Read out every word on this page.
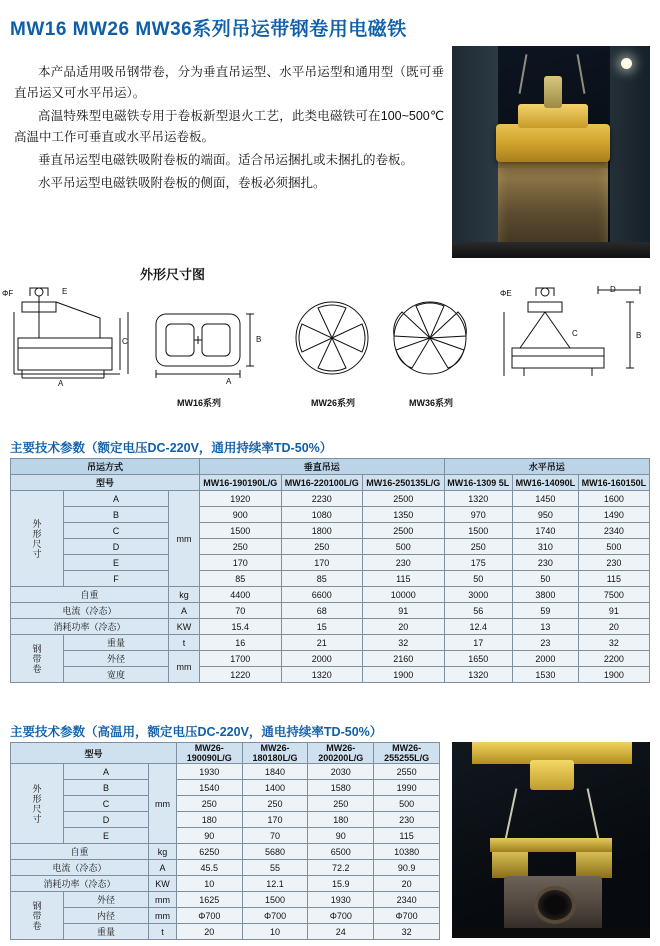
MW16 MW26 MW36系列吊运带钢卷用电磁铁

本产品适用吸吊钢带卷，分为垂直吊运型、水平吊运型和通用型（既可垂直吊运又可水平吊运）。

高温特殊型电磁铁专用于卷板新型退火工艺，此类电磁铁可在100~500℃高温中工作可垂直或水平吊运卷板。

垂直吊运型电磁铁吸附卷板的端面。适合吊运捆扎或未捆扎的卷板。

水平吊运型电磁铁吸附卷板的侧面，卷板必须捆扎。

外形尺寸图
ΦF	E
C
A	A
B
D
ΦE
B
C
MW16系列	MW26系列	MW36系列
主要技术参数（额定电压DC-220V，通用持续率TD-50%）
吊运方式			垂直吊运			水平吊运		
型号			MW16-190190L/G	MW16-220100L/G	MW16-250135L/G	MW16-1309 5L	MW16-14090L	MW16-160150L
外形尺寸	A	mm	1920	2230	2500	1320	1450	1600
	B		900	1080	1350	970	950	1490
	C		1500	1800	2500	1500	1740	2340
	D		250	250	500	250	310	500
	E		170	170	230	175	230	230
	F		85	85	115	50	50	115
自重		kg	4400	6600	10000	3000	3800	7500
电流（冷态）		A	70	68	91	56	59	91
消耗功率（冷态）		KW	15.4	15	20	12.4	13	20
钢带卷	重量	t	16	21	32	17	23	32
	外径	mm	1700	2000	2160	1650	2000	2200
	宽度		1220	1320	1900	1320	1530	1900
主要技术参数（高温用，额定电压DC-220V，通电持续率TD-50%）
型号			MW26-190090L/G	MW26-180180L/G	MW26-200200L/G	MW26-255255L/G
外形尺寸	A	mm	1930	1840	2030	2550
	B		1540	1400	1580	1990
	C		250	250	250	500
	D		180	170	180	230
	E		90	70	90	115
自重		kg	6250	5680	6500	10380
电流（冷态）		A	45.5	55	72.2	90.9
消耗功率（冷态）		KW	10	12.1	15.9	20
钢带卷	外径	mm	1625	1500	1930	2340
	内径	mm	Φ700	Φ700	Φ700	Φ700
	重量	t	20	10	24	32
